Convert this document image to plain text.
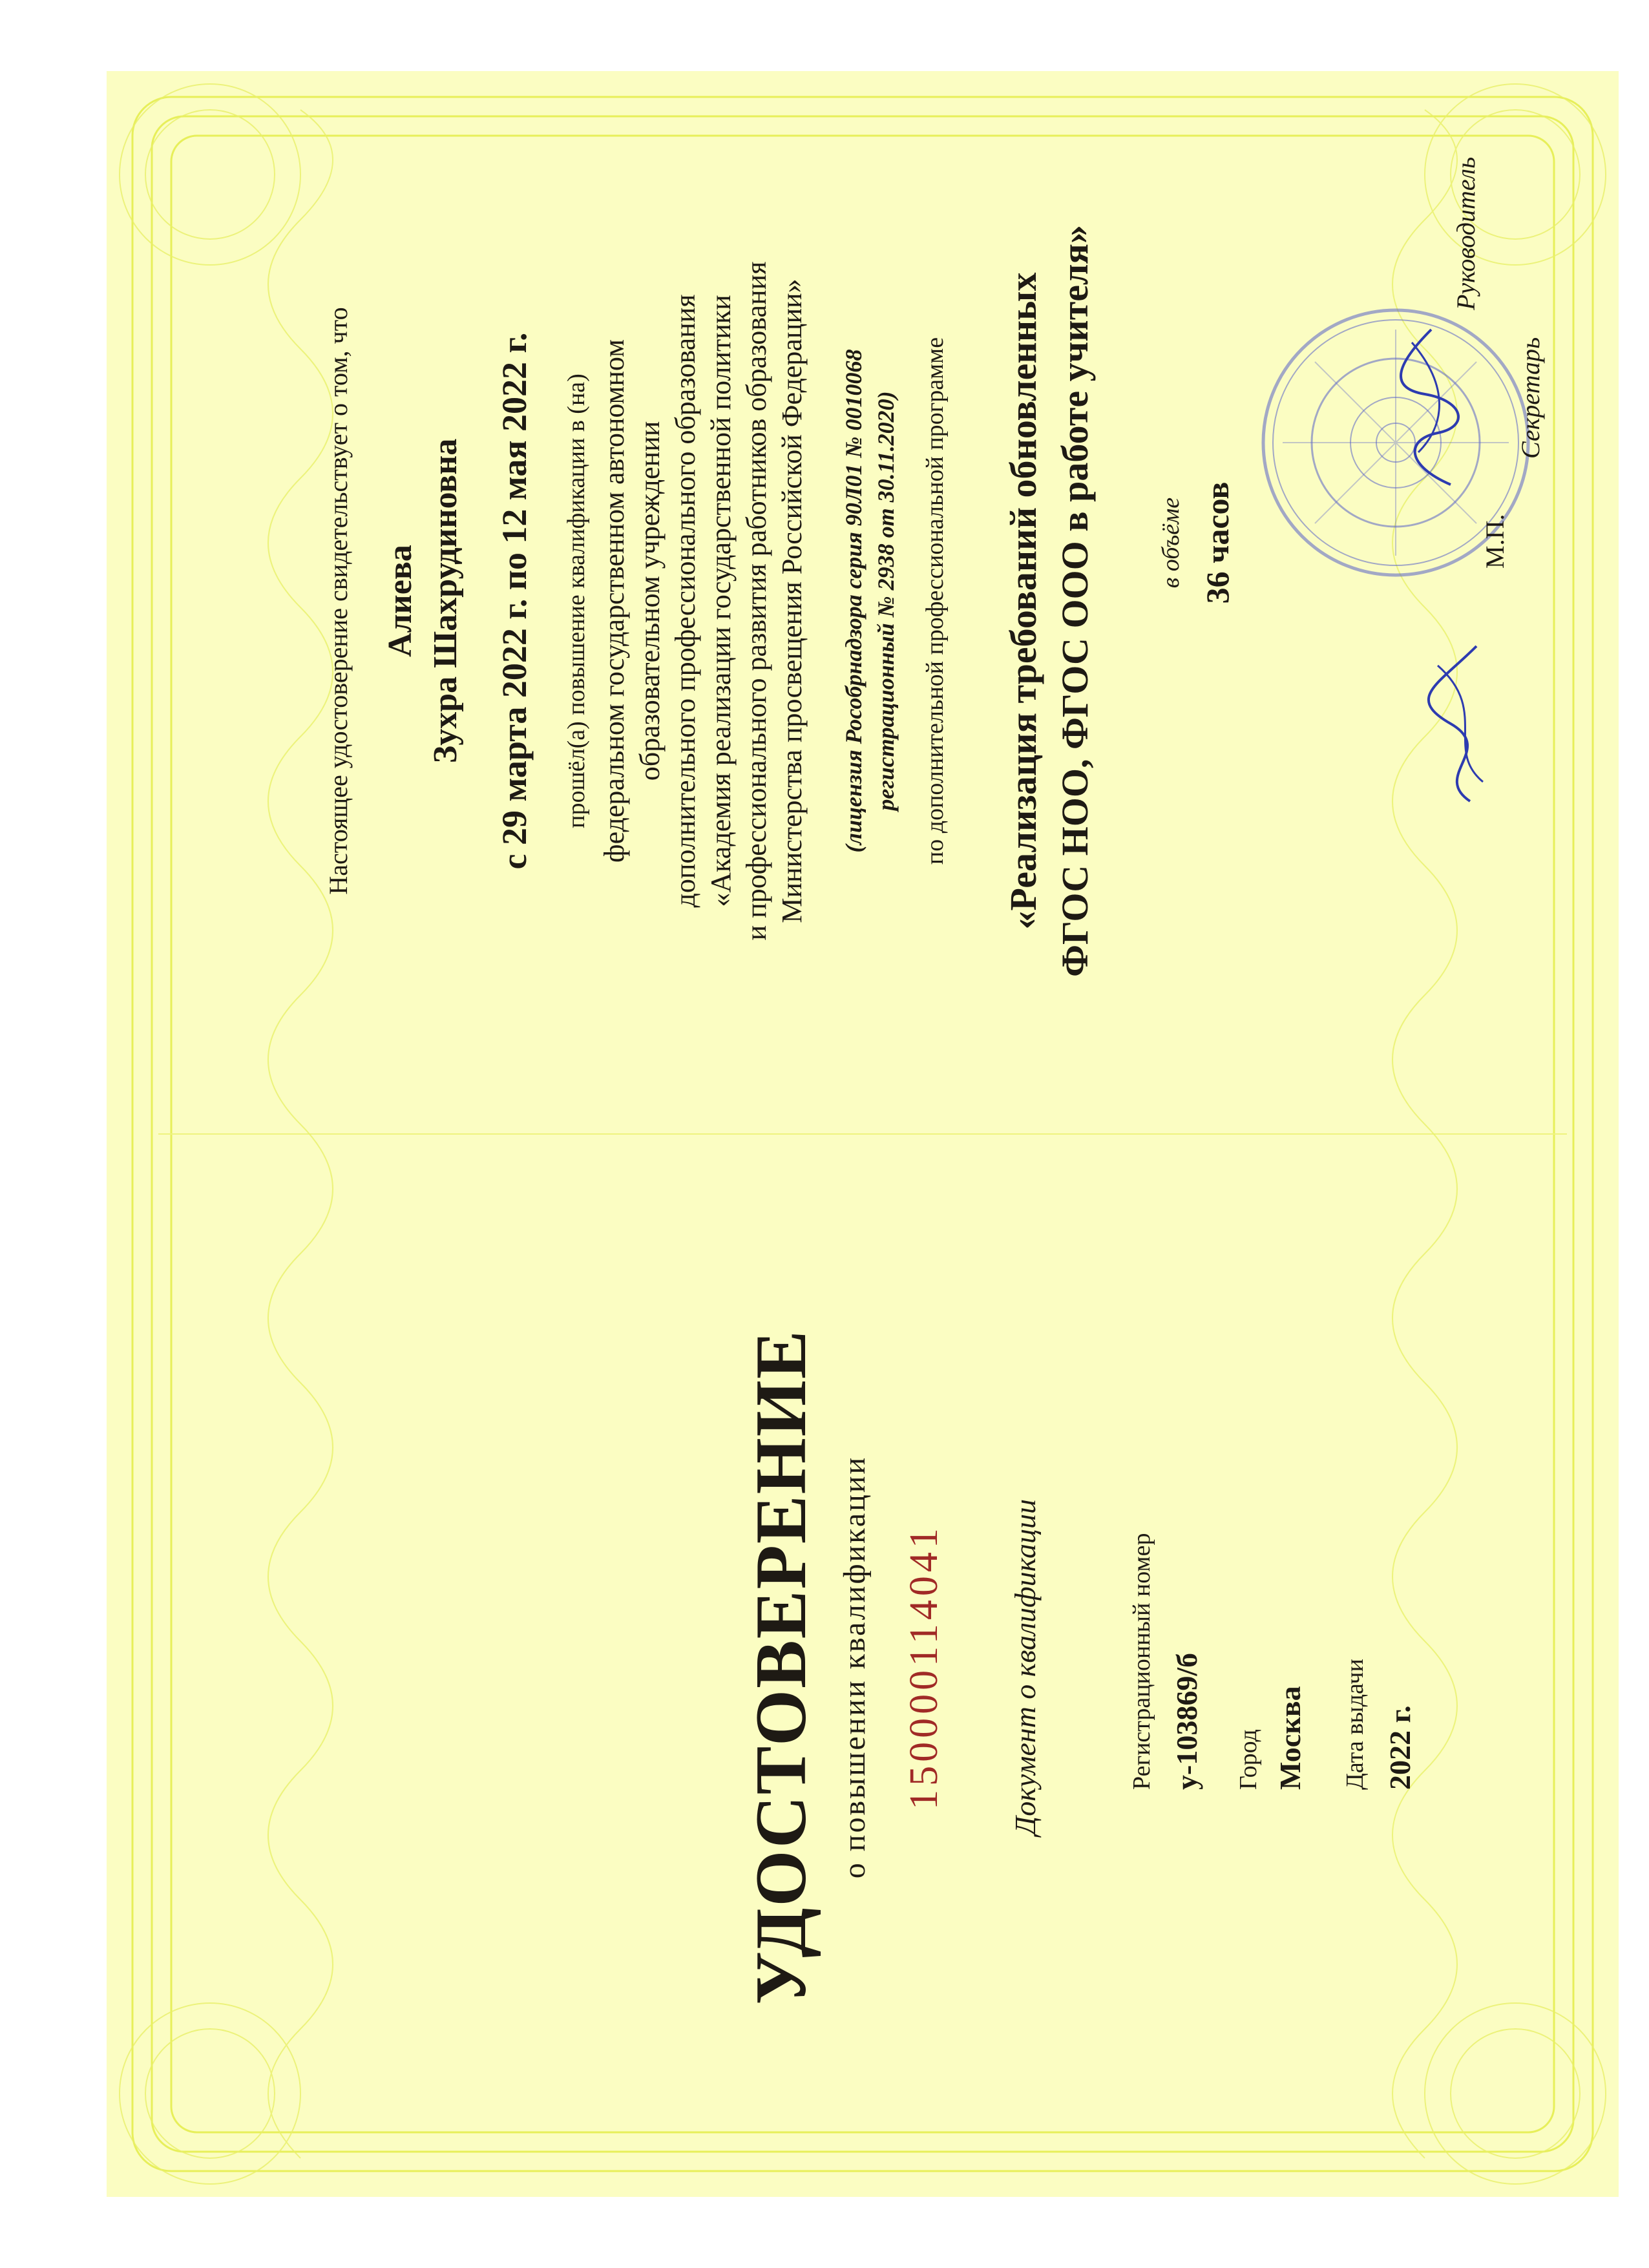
УДОСТОВЕРЕНИЕ о повышении квалификации 150000114041 Документ о квалификации	Регистрационный номер у-103869/б Город Москва Дата выдачи 2022 г.
Настоящее удостоверение свидетельствует о том, что Алиева Зухра Шахрудиновна с 29 марта 2022 г. по 12 мая 2022 г. прошёл(а) повышение квалификации в (на) федеральном государственном автономном образовательном учреждении дополнительного профессионального образования «Академия реализации государственной политики и профессионального развития работников образования Министерства просвещения Российской Федерации» (лицензия Рособрнадзора серия 90Л01 № 0010068 регистрационный № 2938 от 30.11.2020) по дополнительной профессиональной программе «Реализация требований обновленных ФГОС НОО, ФГОС ООО в работе учителя»	в объёме 36 часов	М.П.
Руководитель
Секретарь
